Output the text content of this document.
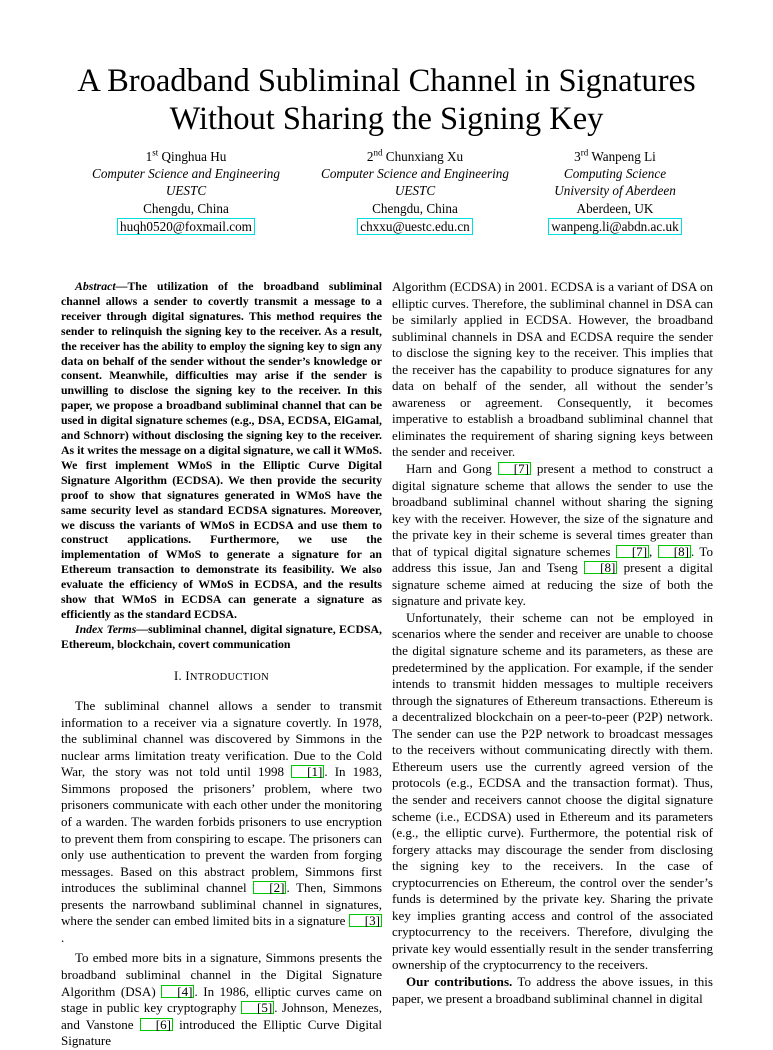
A Broadband Subliminal Channel in Signatures
Without Sharing the Signing Key
1st Qinghua Hu
Computer Science and Engineering
UESTC
Chengdu, China
huqh0520@foxmail.com
2nd Chunxiang Xu
Computer Science and Engineering
UESTC
Chengdu, China
chxxu@uestc.edu.cn
3rd Wanpeng Li
Computing Science
University of Aberdeen
Aberdeen, UK
wanpeng.li@abdn.ac.uk

Abstract—The utilization of the broadband subliminal channel allows a sender to covertly transmit a message to a receiver through digital signatures. This method requires the sender to relinquish the signing key to the receiver. As a result, the receiver has the ability to employ the signing key to sign any data on behalf of the sender without the sender’s knowledge or consent. Meanwhile, difficulties may arise if the sender is unwilling to disclose the signing key to the receiver. In this paper, we propose a broadband subliminal channel that can be used in digital signature schemes (e.g., DSA, ECDSA, ElGamal, and Schnorr) without disclosing the signing key to the receiver. As it writes the message on a digital signature, we call it WMoS. We first implement WMoS in the Elliptic Curve Digital Signature Algorithm (ECDSA). We then provide the security proof to show that signatures generated in WMoS have the same security level as standard ECDSA signatures. Moreover, we discuss the variants of WMoS in ECDSA and use them to construct applications. Furthermore, we use the implementation of WMoS to generate a signature for an Ethereum transaction to demonstrate its feasibility. We also evaluate the efficiency of WMoS in ECDSA, and the results show that WMoS in ECDSA can generate a signature as efficiently as the standard ECDSA.

Index Terms—subliminal channel, digital signature, ECDSA, Ethereum, blockchain, covert communication

I. INTRODUCTION

The subliminal channel allows a sender to transmit information to a receiver via a signature covertly. In 1978, the subliminal channel was discovered by Simmons in the nuclear arms limitation treaty verification. Due to the Cold War, the story was not told until 1998 [1] . In 1983, Simmons proposed the prisoners’ problem, where two prisoners communicate with each other under the monitoring of a warden. The warden forbids prisoners to use encryption to prevent them from conspiring to escape. The prisoners can only use authentication to prevent the warden from forging messages. Based on this abstract problem, Simmons first introduces the subliminal channel [2] . Then, Simmons presents the narrowband subliminal channel in signatures, where the sender can embed limited bits in a signature [3].

To embed more bits in a signature, Simmons presents the broadband subliminal channel in the Digital Signature Algorithm (DSA) [4] . In 1986, elliptic curves came on stage in public key cryptography [5] . Johnson, Menezes, and Vanstone [6] introduced the Elliptic Curve Digital Signature

Algorithm (ECDSA) in 2001. ECDSA is a variant of DSA on elliptic curves. Therefore, the subliminal channel in DSA can be similarly applied in ECDSA. However, the broadband subliminal channels in DSA and ECDSA require the sender to disclose the signing key to the receiver. This implies that the receiver has the capability to produce signatures for any data on behalf of the sender, all without the sender’s awareness or agreement. Consequently, it becomes imperative to establish a broadband subliminal channel that eliminates the requirement of sharing signing keys between the sender and receiver.

Harn and Gong [7] present a method to construct a digital signature scheme that allows the sender to use the broadband subliminal channel without sharing the signing key with the receiver. However, the size of the signature and the private key in their scheme is several times greater than that of typical digital signature schemes [7] , [8] . To address this issue, Jan and Tseng [8] present a digital signature scheme aimed at reducing the size of both the signature and private key.

Unfortunately, their scheme can not be employed in scenarios where the sender and receiver are unable to choose the digital signature scheme and its parameters, as these are predetermined by the application. For example, if the sender intends to transmit hidden messages to multiple receivers through the signatures of Ethereum transactions. Ethereum is a decentralized blockchain on a peer-to-peer (P2P) network. The sender can use the P2P network to broadcast messages to the receivers without communicating directly with them. Ethereum users use the currently agreed version of the protocols (e.g., ECDSA and the transaction format). Thus, the sender and receivers cannot choose the digital signature scheme (i.e., ECDSA) used in Ethereum and its parameters (e.g., the elliptic curve). Furthermore, the potential risk of forgery attacks may discourage the sender from disclosing the signing key to the receivers. In the case of cryptocurrencies on Ethereum, the control over the sender’s funds is determined by the private key. Sharing the private key implies granting access and control of the associated cryptocurrency to the receivers. Therefore, divulging the private key would essentially result in the sender transferring ownership of the cryptocurrency to the receivers.

Our contributions. To address the above issues, in this paper, we present a broadband subliminal channel in digital
